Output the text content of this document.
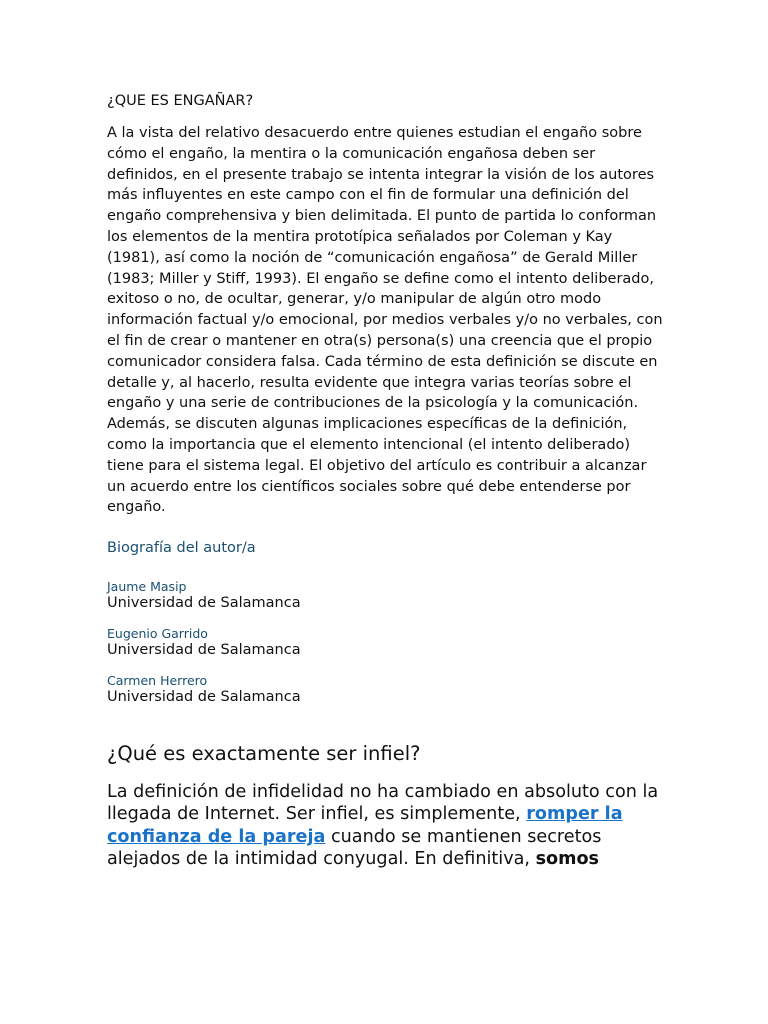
¿QUE ES ENGAÑAR?

A la vista del relativo desacuerdo entre quienes estudian el engaño sobre cómo el engaño, la mentira o la comunicación engañosa deben ser definidos, en el presente trabajo se intenta integrar la visión de los autores más influyentes en este campo con el fin de formular una definición del engaño comprehensiva y bien delimitada. El punto de partida lo conforman los elementos de la mentira prototípica señalados por Coleman y Kay (1981), así como la noción de “comunicación engañosa” de Gerald Miller (1983; Miller y Stiff, 1993). El engaño se define como el intento deliberado, exitoso o no, de ocultar, generar, y/o manipular de algún otro modo información factual y/o emocional, por medios verbales y/o no verbales, con el fin de crear o mantener en otra(s) persona(s) una creencia que el propio comunicador considera falsa. Cada término de esta definición se discute en detalle y, al hacerlo, resulta evidente que integra varias teorías sobre el engaño y una serie de contribuciones de la psicología y la comunicación. Además, se discuten algunas implicaciones específicas de la definición, como la importancia que el elemento intencional (el intento deliberado) tiene para el sistema legal. El objetivo del artículo es contribuir a alcanzar un acuerdo entre los científicos sociales sobre qué debe entenderse por engaño.

Biografía del autor/a
Jaume Masip
Universidad de Salamanca
Eugenio Garrido
Universidad de Salamanca
Carmen Herrero
Universidad de Salamanca
¿Qué es exactamente ser infiel?

La definición de infidelidad no ha cambiado en absoluto con la llegada de Internet. Ser infiel, es simplemente, romper la confianza de la pareja cuando se mantienen secretos alejados de la intimidad conyugal. En definitiva, somos
